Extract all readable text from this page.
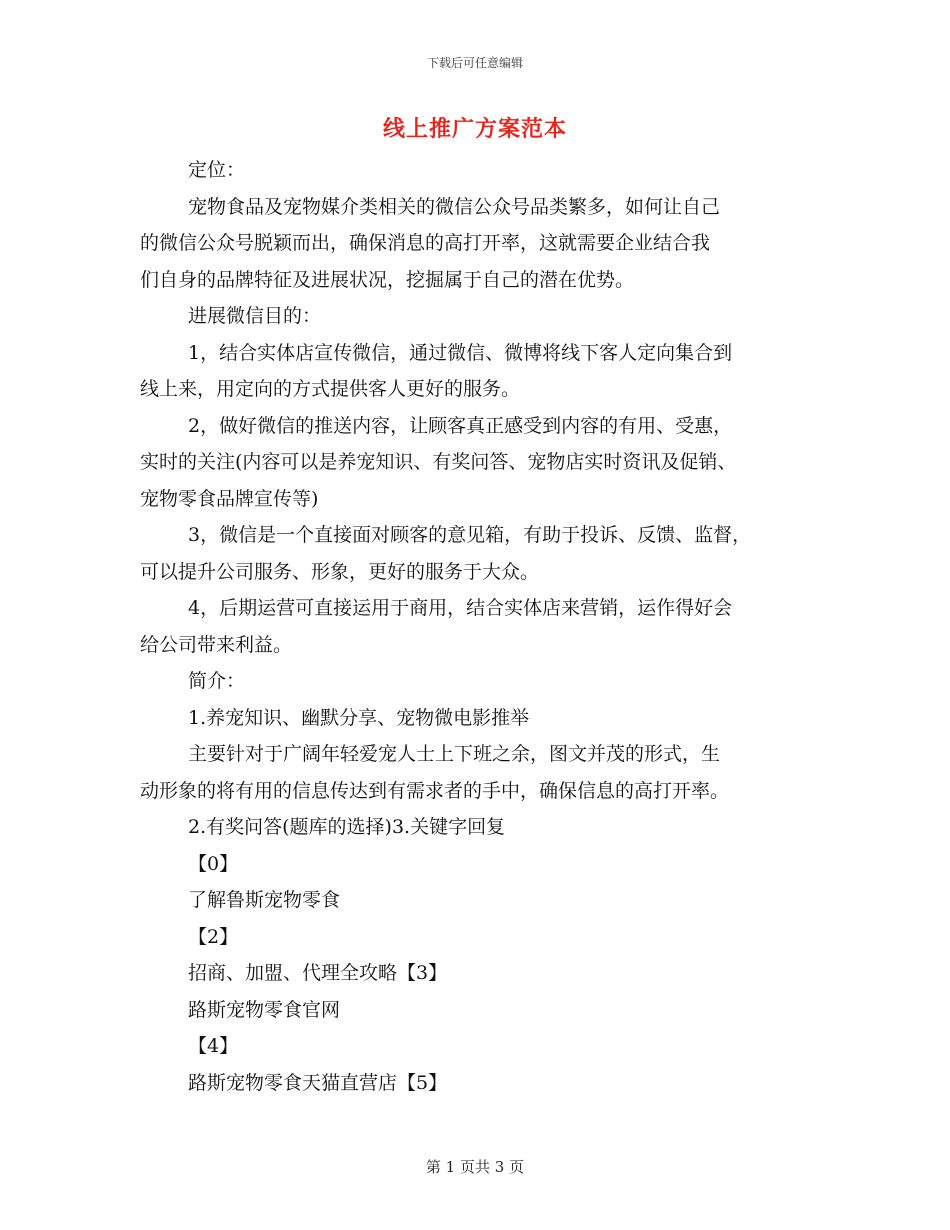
下载后可任意编辑
线上推广方案范本

定位：

宠物食品及宠物媒介类相关的微信公众号品类繁多，如何让自己

的微信公众号脱颖而出，确保消息的高打开率，这就需要企业结合我

们自身的品牌特征及进展状况，挖掘属于自己的潜在优势。

进展微信目的：

1，结合实体店宣传微信，通过微信、微博将线下客人定向集合到

线上来，用定向的方式提供客人更好的服务。

2，做好微信的推送内容，让顾客真正感受到内容的有用、受惠，

实时的关注(内容可以是养宠知识、有奖问答、宠物店实时资讯及促销、

宠物零食品牌宣传等)

3，微信是一个直接面对顾客的意见箱，有助于投诉、反馈、监督，

可以提升公司服务、形象，更好的服务于大众。

4，后期运营可直接运用于商用，结合实体店来营销，运作得好会

给公司带来利益。

简介：

1.养宠知识、幽默分享、宠物微电影推举

主要针对于广阔年轻爱宠人士上下班之余，图文并茂的形式，生

动形象的将有用的信息传达到有需求者的手中，确保信息的高打开率。

2.有奖问答(题库的选择)3.关键字回复

【0】

了解鲁斯宠物零食

【2】

招商、加盟、代理全攻略【3】

路斯宠物零食官网

【4】

路斯宠物零食天猫直营店【5】

第 1 页共 3 页
